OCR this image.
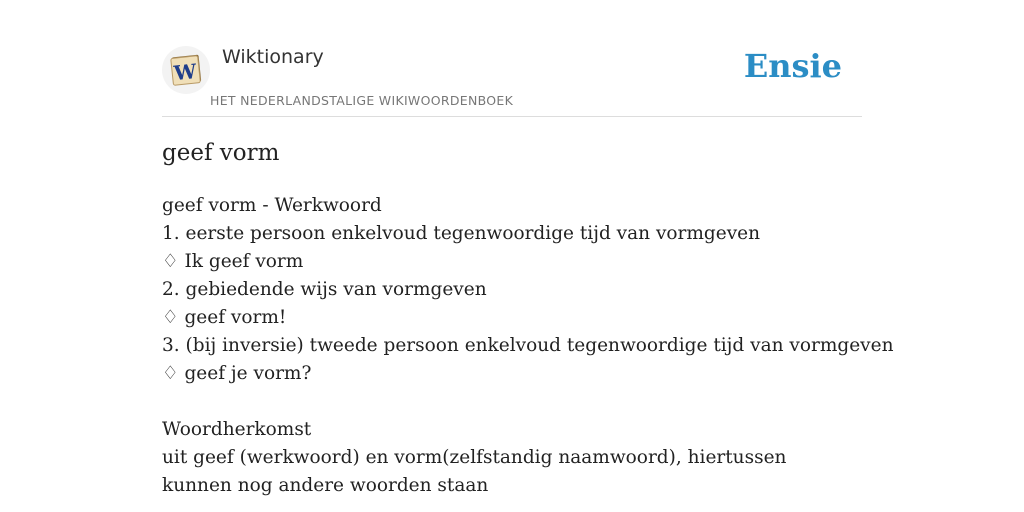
W
Wiktionary
HET NEDERLANDSTALIGE WIKIWOORDENBOEK
Ensie
geef vorm
geef vorm - Werkwoord
1. eerste persoon enkelvoud tegenwoordige tijd van vormgeven
♢ Ik geef vorm
2. gebiedende wijs van vormgeven
♢ geef vorm!
3. (bij inversie) tweede persoon enkelvoud tegenwoordige tijd van vormgeven
♢ geef je vorm?
Woordherkomst
uit geef (werkwoord) en vorm(zelfstandig naamwoord), hiertussen kunnen nog andere woorden staan
